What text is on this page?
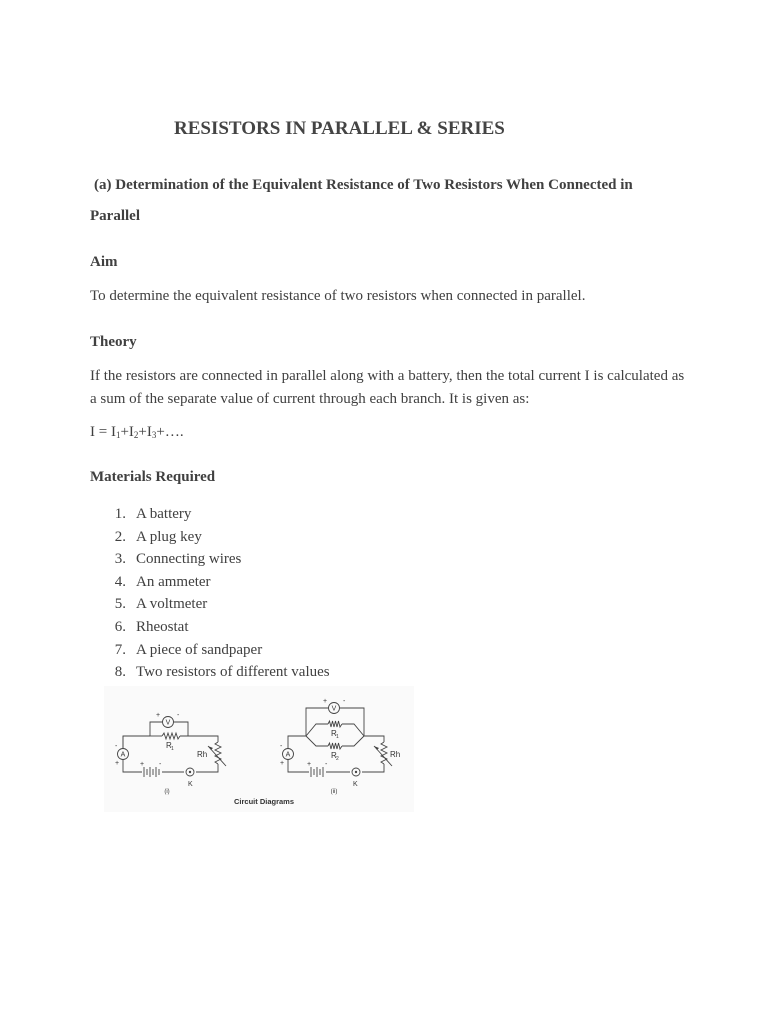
RESISTORS IN PARALLEL & SERIES

(a) Determination of the Equivalent Resistance of Two Resistors When Connected in Parallel

Aim

To determine the equivalent resistance of two resistors when connected in parallel.

Theory

If the resistors are connected in parallel along with a battery, then the total current I is calculated as a sum of the separate value of current through each branch. It is given as:

$I = I_1+I_2+I_3+\dots$.

Materials Required
1. A battery
2. A plug key
3. Connecting wires
4. An ammeter
5. A voltmeter
6. Rheostat
7. A piece of sandpaper
8. Two resistors of different values
V
A
+ -
-
+	+ -
R 1
Rh
K
(i)
V
A
+ -
-
+	+ -
R 1
R 2	Rh
K
(ii)
Circuit Diagrams
